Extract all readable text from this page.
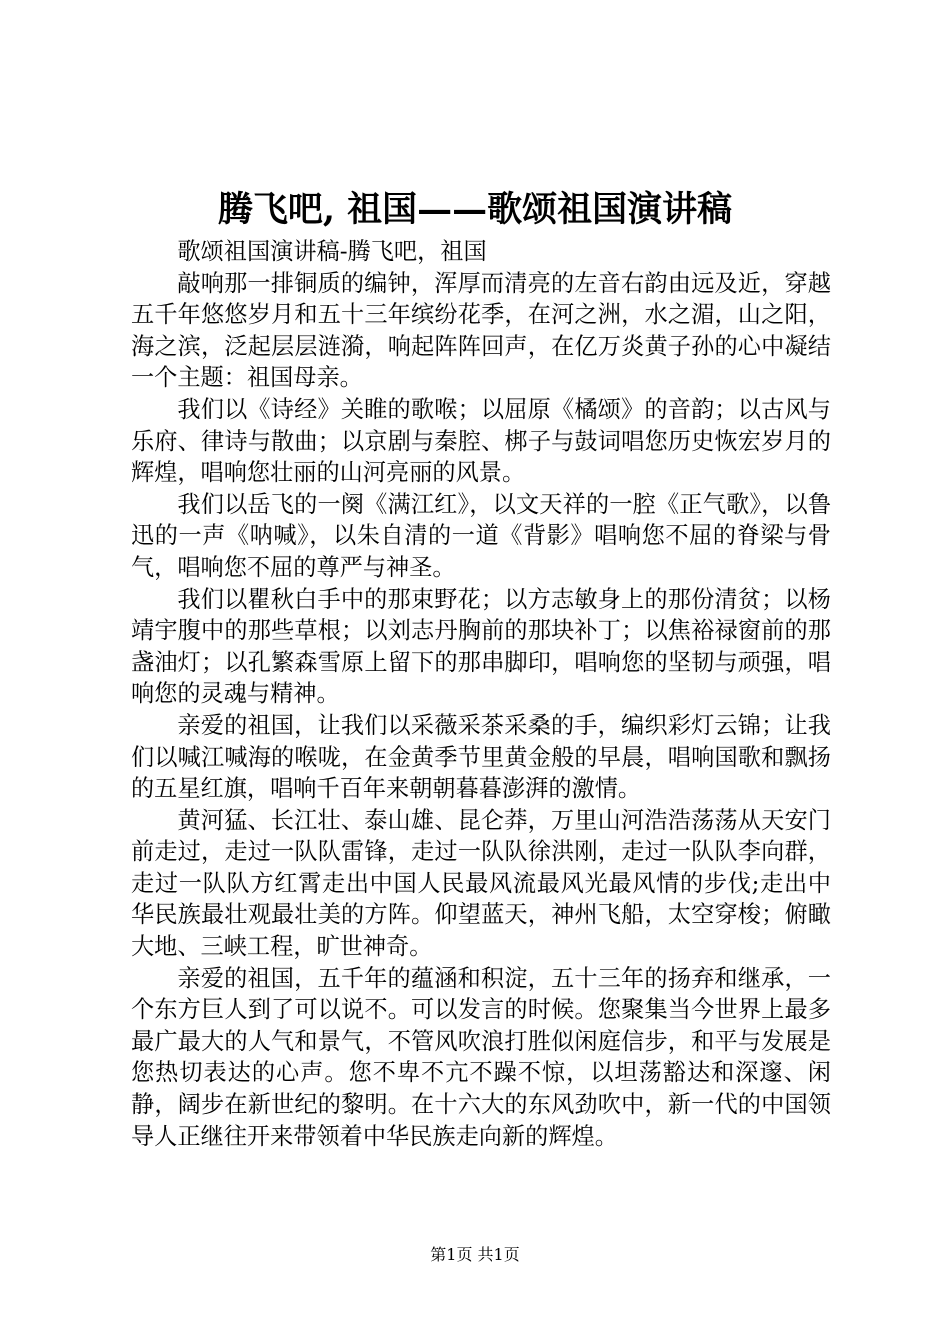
腾飞吧, 祖国——歌颂祖国演讲稿

歌颂祖国演讲稿-腾飞吧，祖国

敲响那一排铜质的编钟，浑厚而清亮的左音右韵由远及近，穿越五千年悠悠岁月和五十三年缤纷花季，在河之洲，水之湄，山之阳，海之滨，泛起层层涟漪，响起阵阵回声，在亿万炎黄子孙的心中凝结一个主题：祖国母亲。

我们以《诗经》关睢的歌喉；以屈原《橘颂》的音韵；以古风与乐府、律诗与散曲；以京剧与秦腔、梆子与鼓词唱您历史恢宏岁月的辉煌，唱响您壮丽的山河亮丽的风景。

我们以岳飞的一阕《满江红》，以文天祥的一腔《正气歌》，以鲁迅的一声《呐喊》，以朱自清的一道《背影》唱响您不屈的脊梁与骨气，唱响您不屈的尊严与神圣。

我们以瞿秋白手中的那束野花；以方志敏身上的那份清贫；以杨靖宇腹中的那些草根；以刘志丹胸前的那块补丁；以焦裕禄窗前的那盏油灯；以孔繁森雪原上留下的那串脚印，唱响您的坚韧与顽强，唱响您的灵魂与精神。

亲爱的祖国，让我们以采薇采茶采桑的手，编织彩灯云锦；让我们以喊江喊海的喉咙，在金黄季节里黄金般的早晨，唱响国歌和飘扬的五星红旗，唱响千百年来朝朝暮暮澎湃的激情。

黄河猛、长江壮、泰山雄、昆仑莽，万里山河浩浩荡荡从天安门前走过，走过一队队雷锋，走过一队队徐洪刚，走过一队队李向群，走过一队队方红霄走出中国人民最风流最风光最风情的步伐;走出中华民族最壮观最壮美的方阵。仰望蓝天，神州飞船，太空穿梭；俯瞰大地、三峡工程，旷世神奇。

亲爱的祖国，五千年的蕴涵和积淀，五十三年的扬弃和继承，一个东方巨人到了可以说不。可以发言的时候。您聚集当今世界上最多最广最大的人气和景气，不管风吹浪打胜似闲庭信步，和平与发展是您热切表达的心声。您不卑不亢不躁不惊，以坦荡豁达和深邃、闲静，阔步在新世纪的黎明。在十六大的东风劲吹中，新一代的中国领导人正继往开来带领着中华民族走向新的辉煌。

第1页 共1页
